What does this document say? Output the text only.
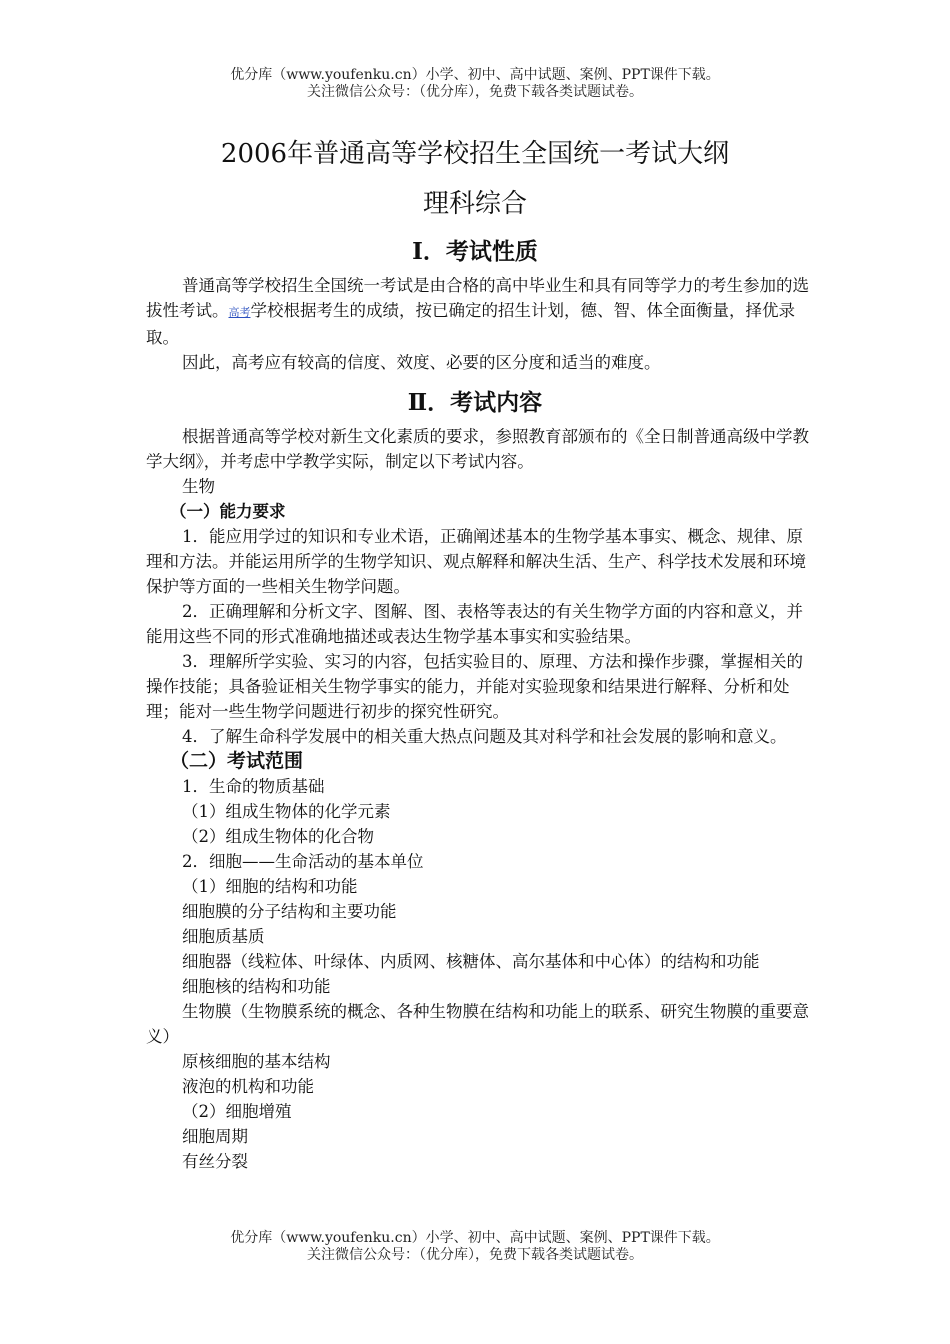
优分库（www.youfenku.cn）小学、初中、高中试题、案例、PPT课件下载。
关注微信公众号：（优分库），免费下载各类试题试卷。
2006年普通高等学校招生全国统一考试大纲
理科综合
Ⅰ．考试性质

普通高等学校招生全国统一考试是由合格的高中毕业生和具有同等学力的考生参加的选拔性考试。高考学校根据考生的成绩，按已确定的招生计划，德、智、体全面衡量，择优录取。

因此，高考应有较高的信度、效度、必要的区分度和适当的难度。

Ⅱ．考试内容

根据普通高等学校对新生文化素质的要求，参照教育部颁布的《全日制普通高级中学教学大纲》，并考虑中学教学实际，制定以下考试内容。

生物

（一）能力要求

1．能应用学过的知识和专业术语，正确阐述基本的生物学基本事实、概念、规律、原理和方法。并能运用所学的生物学知识、观点解释和解决生活、生产、科学技术发展和环境保护等方面的一些相关生物学问题。

2．正确理解和分析文字、图解、图、表格等表达的有关生物学方面的内容和意义，并能用这些不同的形式准确地描述或表达生物学基本事实和实验结果。

3．理解所学实验、实习的内容，包括实验目的、原理、方法和操作步骤，掌握相关的操作技能；具备验证相关生物学事实的能力，并能对实验现象和结果进行解释、分析和处理；能对一些生物学问题进行初步的探究性研究。

4．了解生命科学发展中的相关重大热点问题及其对科学和社会发展的影响和意义。

（二）考试范围

1．生命的物质基础

（1）组成生物体的化学元素

（2）组成生物体的化合物

2．细胞——生命活动的基本单位

（1）细胞的结构和功能

细胞膜的分子结构和主要功能

细胞质基质

细胞器（线粒体、叶绿体、内质网、核糖体、高尔基体和中心体）的结构和功能

细胞核的结构和功能

生物膜（生物膜系统的概念、各种生物膜在结构和功能上的联系、研究生物膜的重要意义）

原核细胞的基本结构

液泡的机构和功能

（2）细胞增殖

细胞周期

有丝分裂

优分库（www.youfenku.cn）小学、初中、高中试题、案例、PPT课件下载。
关注微信公众号：（优分库），免费下载各类试题试卷。
